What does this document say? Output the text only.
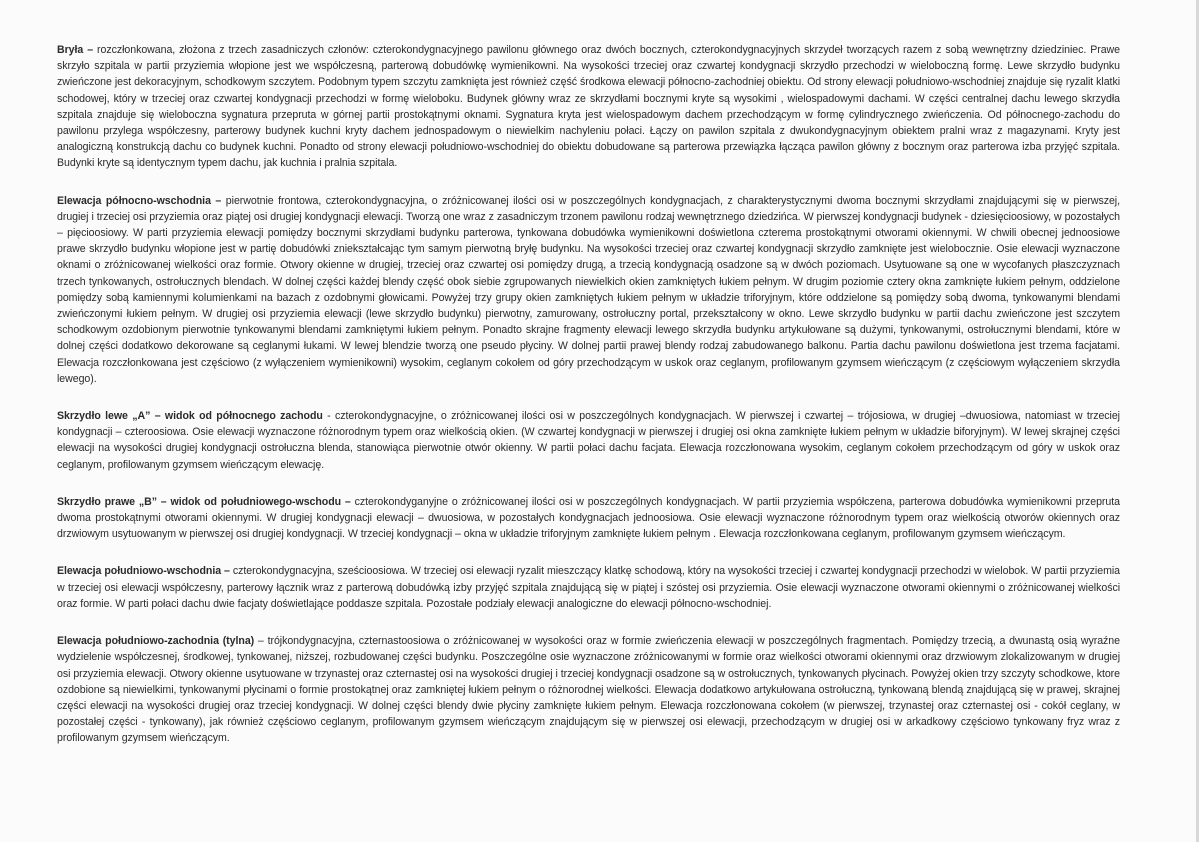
Bryła – rozczłonkowana, złożona z trzech zasadniczych członów: czterokondygnacyjnego pawilonu głównego oraz dwóch bocznych, czterokondygnacyjnych skrzydeł tworzących razem z sobą wewnętrzny dziedziniec. Prawe skrzyło szpitala w partii przyziemia włopione jest we współczesną, parterową dobudówkę wymienikowni. Na wysokości trzeciej oraz czwartej kondygnacji skrzydło przechodzi w wieloboczną formę. Lewe skrzydło budynku zwieńczone jest dekoracyjnym, schodkowym szczytem. Podobnym typem szczytu zamknięta jest również część środkowa elewacji północno-zachodniej obiektu. Od strony elewacji południowo-wschodniej znajduje się ryzalit klatki schodowej, który w trzeciej oraz czwartej kondygnacji przechodzi w formę wieloboku. Budynek główny wraz ze skrzydłami bocznymi kryte są wysokimi , wielospadowymi dachami. W części centralnej dachu lewego skrzydła szpitala znajduje się wieloboczna sygnatura przepruta w górnej partii prostokątnymi oknami. Sygnatura kryta jest wielospadowym dachem przechodzącym w formę cylindrycznego zwieńczenia. Od północnego-zachodu do pawilonu przylega współczesny, parterowy budynek kuchni kryty dachem jednospadowym o niewielkim nachyleniu połaci. Łączy on pawilon szpitala z dwukondygnacyjnym obiektem pralni wraz z magazynami. Kryty jest analogiczną konstrukcją dachu co budynek kuchni. Ponadto od strony elewacji południowo-wschodniej do obiektu dobudowane są parterowa przewiązka łącząca pawilon główny z bocznym oraz parterowa izba przyjęć szpitala. Budynki kryte są identycznym typem dachu, jak kuchnia i pralnia szpitala.

Elewacja północno-wschodnia – pierwotnie frontowa, czterokondygnacyjna, o zróżnicowanej ilości osi w poszczególnych kondygnacjach, z charakterystycznymi dwoma bocznymi skrzydłami znajdującymi się w pierwszej, drugiej i trzeciej osi przyziemia oraz piątej osi drugiej kondygnacji elewacji. Tworzą one wraz z zasadniczym trzonem pawilonu rodzaj wewnętrznego dziedzińca. W pierwszej kondygnacji budynek - dziesięcioosiowy, w pozostałych – pięcioosiowy. W parti przyziemia elewacji pomiędzy bocznymi skrzydłami budynku parterowa, tynkowana dobudówka wymienikowni doświetlona czterema prostokątnymi otworami okiennymi. W chwili obecnej jednoosiowe prawe skrzydło budynku włopione jest w partię dobudówki zniekształcając tym samym pierwotną bryłę budynku. Na wysokości trzeciej oraz czwartej kondygnacji skrzydło zamknięte jest wielobocznie. Osie elewacji wyznaczone oknami o zróżnicowanej wielkości oraz formie. Otwory okienne w drugiej, trzeciej oraz czwartej osi pomiędzy drugą, a trzecią kondygnacją osadzone są w dwóch poziomach. Usytuowane są one w wycofanych płaszczyznach trzech tynkowanych, ostrołucznych blendach. W dolnej części każdej blendy część obok siebie zgrupowanych niewielkich okien zamkniętych łukiem pełnym. W drugim poziomie cztery okna zamknięte łukiem pełnym, oddzielone pomiędzy sobą kamiennymi kolumienkami na bazach z ozdobnymi głowicami. Powyżej trzy grupy okien zamkniętych łukiem pełnym w układzie triforyjnym, które oddzielone są pomiędzy sobą dwoma, tynkowanymi blendami zwieńczonymi łukiem pełnym. W drugiej osi przyziemia elewacji (lewe skrzydło budynku) pierwotny, zamurowany, ostrołuczny portal, przekształcony w okno. Lewe skrzydło budynku w partii dachu zwieńczone jest szczytem schodkowym ozdobionym pierwotnie tynkowanymi blendami zamkniętymi łukiem pełnym. Ponadto skrajne fragmenty elewacji lewego skrzydła budynku artykułowane są dużymi, tynkowanymi, ostrołucznymi blendami, które w dolnej części dodatkowo dekorowane są ceglanymi łukami. W lewej blendzie tworzą one pseudo płyciny. W dolnej partii prawej blendy rodzaj zabudowanego balkonu. Partia dachu pawilonu doświetlona jest trzema facjatami. Elewacja rozczłonkowana jest częściowo (z wyłączeniem wymienikowni) wysokim, ceglanym cokołem od góry przechodzącym w uskok oraz ceglanym, profilowanym gzymsem wieńczącym (z częściowym wyłączeniem skrzydła lewego).

Skrzydło lewe „A” – widok od północnego zachodu - czterokondygnacyjne, o zróżnicowanej ilości osi w poszczególnych kondygnacjach. W pierwszej i czwartej – trójosiowa, w drugiej –dwuosiowa, natomiast w trzeciej kondygnacji – czteroosiowa. Osie elewacji wyznaczone różnorodnym typem oraz wielkością okien. (W czwartej kondygnacji w pierwszej i drugiej osi okna zamknięte łukiem pełnym w układzie biforyjnym). W lewej skrajnej części elewacji na wysokości drugiej kondygnacji ostrołuczna blenda, stanowiąca pierwotnie otwór okienny. W partii połaci dachu facjata. Elewacja rozczłonowana wysokim, ceglanym cokołem przechodzącym od góry w uskok oraz ceglanym, profilowanym gzymsem wieńczącym elewację.

Skrzydło prawe „B” – widok od południowego-wschodu – czterokondyganyjne o zróżnicowanej ilości osi w poszczególnych kondygnacjach. W partii przyziemia współczena, parterowa dobudówka wymienikowni przepruta dwoma prostokątnymi otworami okiennymi. W drugiej kondygnacji elewacji – dwuosiowa, w pozostałych kondygnacjach jednoosiowa. Osie elewacji wyznaczone różnorodnym typem oraz wielkością otworów okiennych oraz drzwiowym usytuowanym w pierwszej osi drugiej kondygnacji. W trzeciej kondygnacji – okna w układzie triforyjnym zamknięte łukiem pełnym . Elewacja rozczłonkowana ceglanym, profilowanym gzymsem wieńczącym.

Elewacja południowo-wschodnia – czterokondygnacyjna, sześcioosiowa. W trzeciej osi elewacji ryzalit mieszczący klatkę schodową, który na wysokości trzeciej i czwartej kondygnacji przechodzi w wielobok. W partii przyziemia w trzeciej osi elewacji współczesny, parterowy łącznik wraz z parterową dobudówką izby przyjęć szpitala znajdującą się w piątej i szóstej osi przyziemia. Osie elewacji wyznaczone otworami okiennymi o zróżnicowanej wielkości oraz formie. W parti połaci dachu dwie facjaty doświetlające poddasze szpitala. Pozostałe podziały elewacji analogiczne do elewacji północno-wschodniej.

Elewacja południowo-zachodnia (tylna) – trójkondygnacyjna, czternastoosiowa o zróżnicowanej w wysokości oraz w formie zwieńczenia elewacji w poszczególnych fragmentach. Pomiędzy trzecią, a dwunastą osią wyraźne wydzielenie współczesnej, środkowej, tynkowanej, niższej, rozbudowanej części budynku. Poszczególne osie wyznaczone zróżnicowanymi w formie oraz wielkości otworami okiennymi oraz drzwiowym zlokalizowanym w drugiej osi przyziemia elewacji. Otwory okienne usytuowane w trzynastej oraz czternastej osi na wysokości drugiej i trzeciej kondygnacji osadzone są w ostrołucznych, tynkowanych płycinach. Powyżej okien trzy szczyty schodkowe, ktore ozdobione są niewielkimi, tynkowanymi płycinami o formie prostokątnej oraz zamkniętej łukiem pełnym o różnorodnej wielkości. Elewacja dodatkowo artykułowana ostrołuczną, tynkowaną blendą znajdującą się w prawej, skrajnej części elewacji na wysokości drugiej oraz trzeciej kondygnacji. W dolnej części blendy dwie płyciny zamknięte łukiem pełnym. Elewacja rozczłonowana cokołem (w pierwszej, trzynastej oraz czternastej osi - cokół ceglany, w pozostałej części - tynkowany), jak również częściowo ceglanym, profilowanym gzymsem wieńczącym znajdującym się w pierwszej osi elewacji, przechodzącym w drugiej osi w arkadkowy częściowo tynkowany fryz wraz z profilowanym gzymsem wieńczącym.
